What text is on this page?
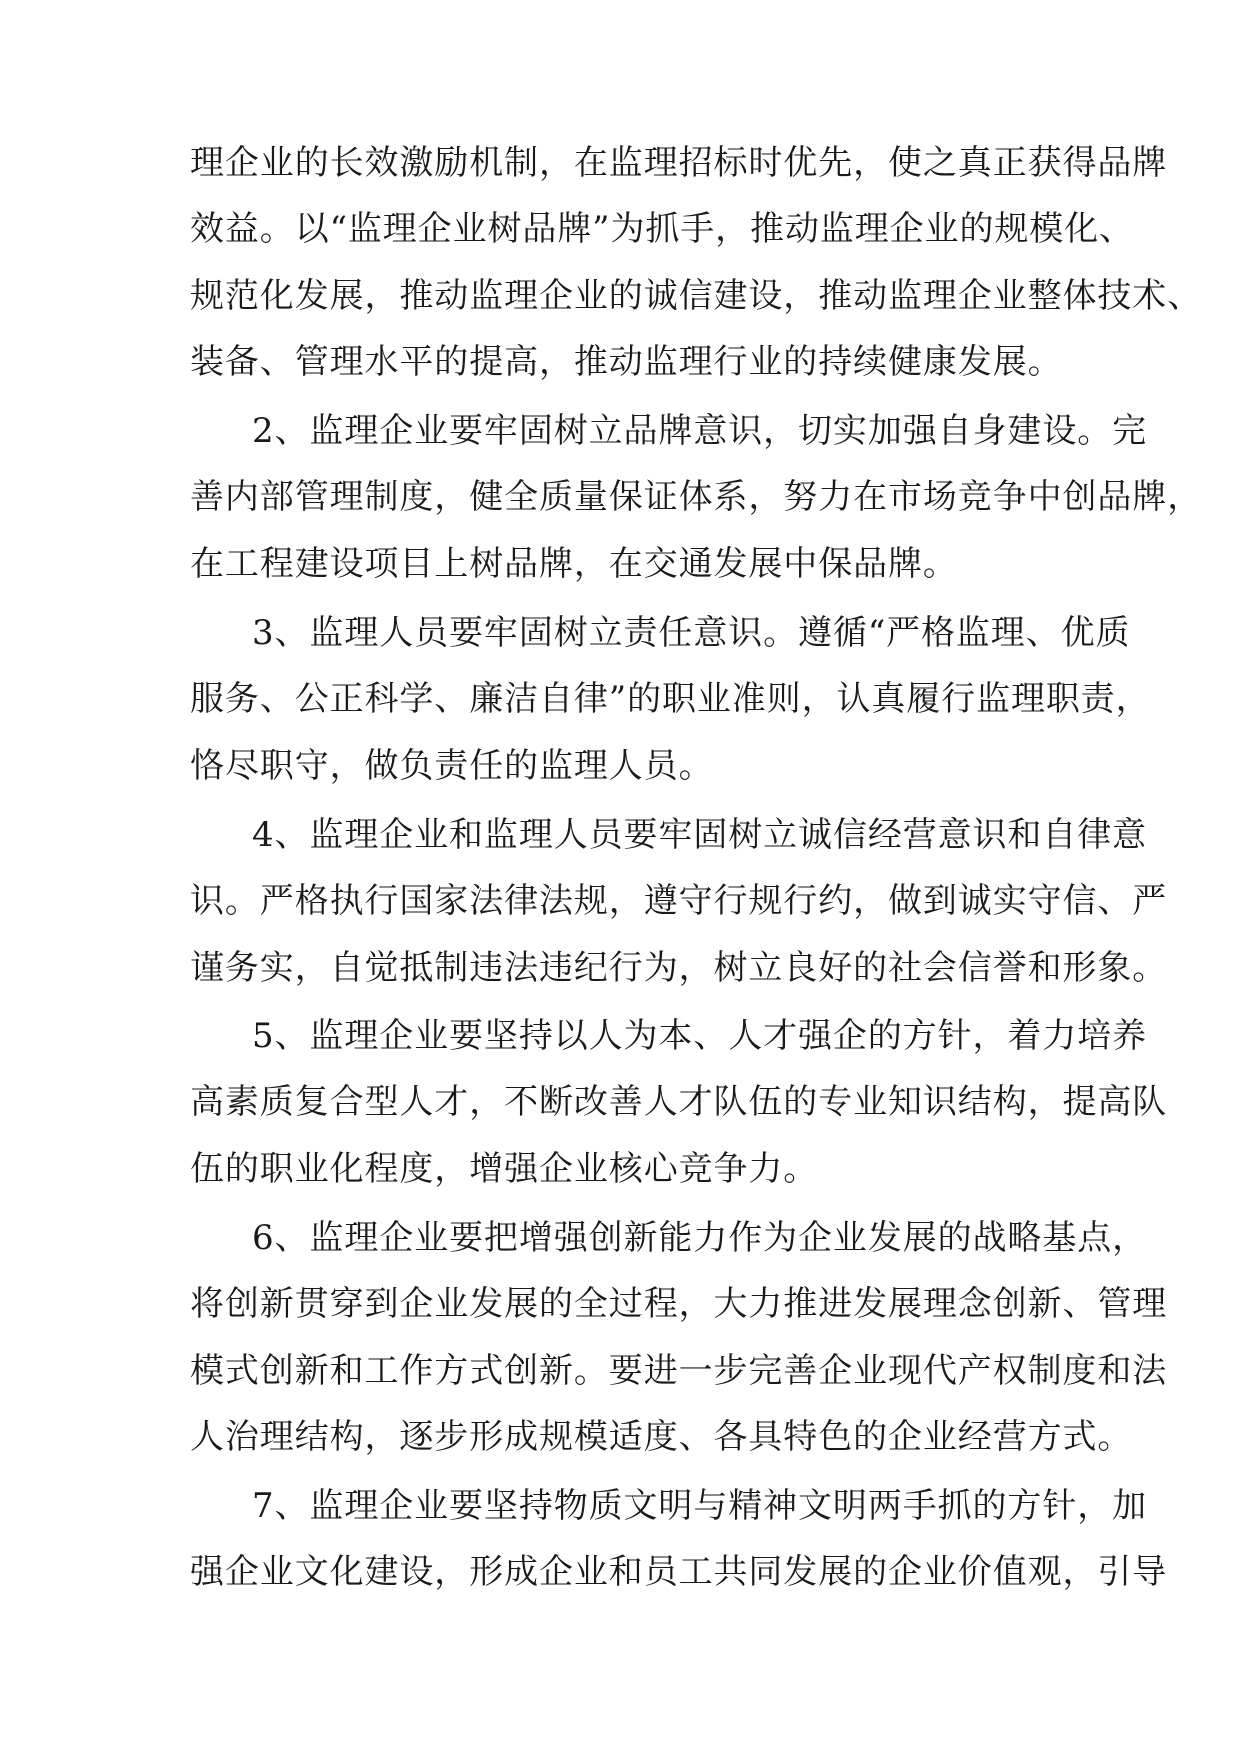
理企业的长效激励机制，在监理招标时优先，使之真正获得品牌
效益。以“监理企业树品牌”为抓手，推动监理企业的规模化、
规范化发展，推动监理企业的诚信建设，推动监理企业整体技术、
装备、管理水平的提高，推动监理行业的持续健康发展。
2、监理企业要牢固树立品牌意识，切实加强自身建设。完
善内部管理制度，健全质量保证体系，努力在市场竞争中创品牌，
在工程建设项目上树品牌，在交通发展中保品牌。
3、监理人员要牢固树立责任意识。遵循“严格监理、优质
服务、公正科学、廉洁自律”的职业准则，认真履行监理职责，
恪尽职守，做负责任的监理人员。
4、监理企业和监理人员要牢固树立诚信经营意识和自律意
识。严格执行国家法律法规，遵守行规行约，做到诚实守信、严
谨务实，自觉抵制违法违纪行为，树立良好的社会信誉和形象。
5、监理企业要坚持以人为本、人才强企的方针，着力培养
高素质复合型人才，不断改善人才队伍的专业知识结构，提高队
伍的职业化程度，增强企业核心竞争力。
6、监理企业要把增强创新能力作为企业发展的战略基点，
将创新贯穿到企业发展的全过程，大力推进发展理念创新、管理
模式创新和工作方式创新。要进一步完善企业现代产权制度和法
人治理结构，逐步形成规模适度、各具特色的企业经营方式。
7、监理企业要坚持物质文明与精神文明两手抓的方针，加
强企业文化建设，形成企业和员工共同发展的企业价值观，引导
